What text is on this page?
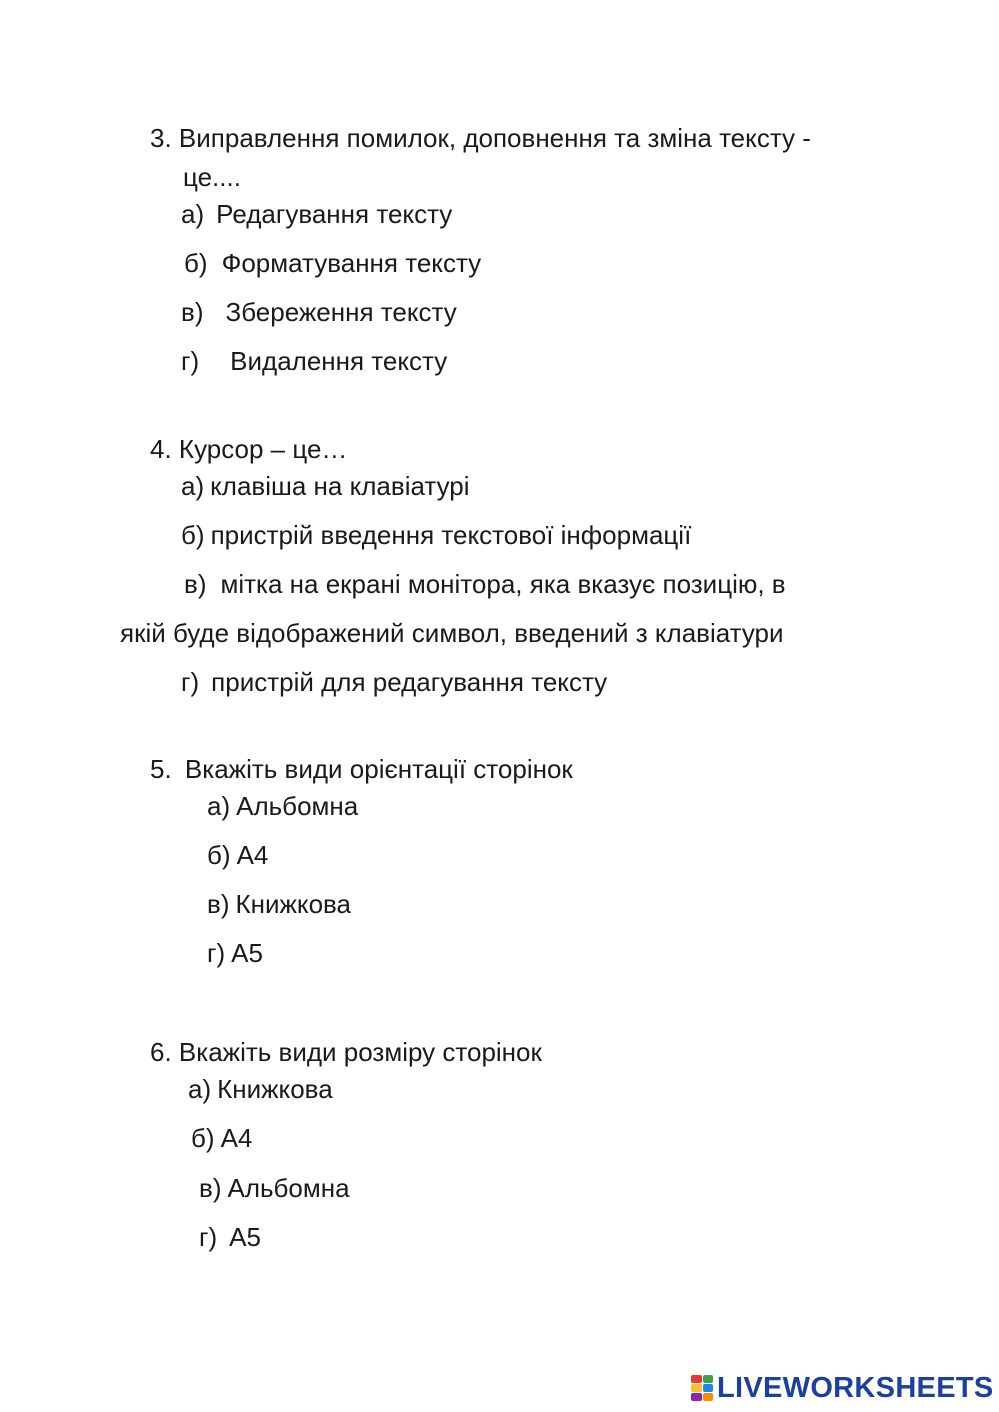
3. Виправлення помилок, доповнення та зміна тексту -
це....
а) Редагування тексту
б) Форматування тексту
в) Збереження тексту
г) Видалення тексту
4. Курсор – це…
а) клавіша на клавіатурі
б) пристрій введення текстової інформації
в) мітка на екрані монітора, яка вказує позицію, в
якій буде відображений символ, введений з клавіатури
г) пристрій для редагування тексту
5. Вкажіть види орієнтації сторінок
а) Альбомна
б) А4
в) Книжкова
г) А5
6. Вкажіть види розміру сторінок
а) Книжкова
б) А4
в) Альбомна
г) А5
LIVEWORKSHEETS
